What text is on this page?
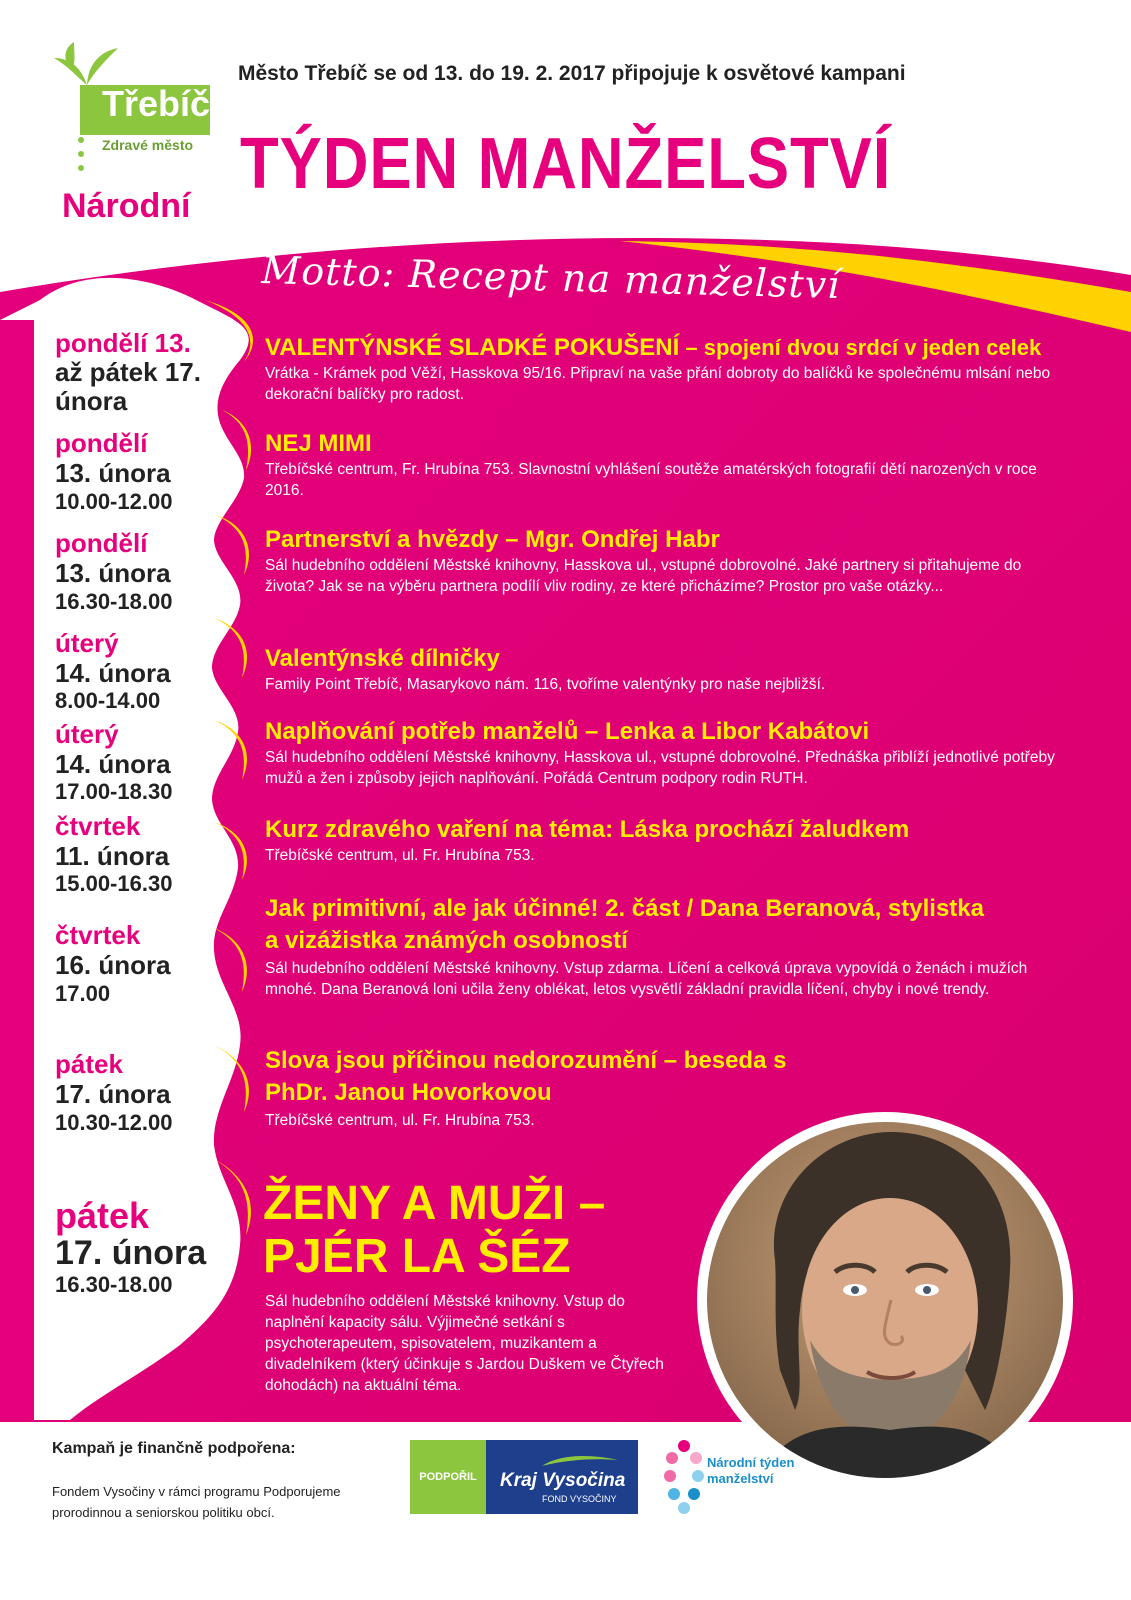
Třebíč
Zdravé město
Národní
Město Třebíč se od 13. do 19. 2. 2017 připojuje k osvětové kampani
TÝDEN MANŽELSTVÍ
Motto: Recept na manželství
pondělí 13.
až pátek 17.
února
pondělí
13. února
10.00-12.00
pondělí
13. února
16.30-18.00
úterý
14. února
8.00-14.00
úterý
14. února
17.00-18.30
čtvrtek
11. února
15.00-16.30
čtvrtek
16. února
17.00
pátek
17. února
10.30-12.00
pátek
17. února
16.30-18.00
VALENTÝNSKÉ SLADKÉ POKUŠENÍ – spojení dvou srdcí v jeden celek
Vrátka - Krámek pod Věží, Hasskova 95/16. Připraví na vaše přání dobroty do balíčků ke společnému mlsání nebo dekorační balíčky pro radost.
NEJ MIMI
Třebíčské centrum, Fr. Hrubína 753. Slavnostní vyhlášení soutěže amatérských fotografií dětí narozených v roce 2016.
Partnerství a hvězdy – Mgr. Ondřej Habr
Sál hudebního oddělení Městské knihovny, Hasskova ul., vstupné dobrovolné. Jaké partnery si přitahujeme do života? Jak se na výběru partnera podílí vliv rodiny, ze které přicházíme? Prostor pro vaše otázky...
Valentýnské dílničky
Family Point Třebíč, Masarykovo nám. 116, tvoříme valentýnky pro naše nejbližší.
Naplňování potřeb manželů – Lenka a Libor Kabátovi
Sál hudebního oddělení Městské knihovny, Hasskova ul., vstupné dobrovolné. Přednáška přiblíží jednotlivé potřeby mužů a žen i způsoby jejich naplňování. Pořádá Centrum podpory rodin RUTH.
Kurz zdravého vaření na téma: Láska prochází žaludkem
Třebíčské centrum, ul. Fr. Hrubína 753.
Jak primitivní, ale jak účinné! 2. část / Dana Beranová, stylistka a vizážistka známých osobností
Sál hudebního oddělení Městské knihovny. Vstup zdarma. Líčení a celková úprava vypovídá o ženách i mužích mnohé. Dana Beranová loni učila ženy oblékat, letos vysvětlí základní pravidla líčení, chyby i nové trendy.
Slova jsou příčinou nedorozumění – beseda s PhDr. Janou Hovorkovou
Třebíčské centrum, ul. Fr. Hrubína 753.
ŽENY A MUŽI – PJÉR LA ŠÉZ
Sál hudebního oddělení Městské knihovny. Vstup do naplnění kapacity sálu. Výjimečné setkání s psychoterapeutem, spisovatelem, muzikantem a divadelníkem (který účinkuje s Jardou Duškem ve Čtyřech dohodách) na aktuální téma.
Kampaň je finančně podpořena:
Fondem Vysočiny v rámci programu Podporujeme prorodinnou a seniorskou politiku obcí.
PODPOŘIL	Kraj Vysočina
FOND VYSOČINY
Národní týden manželství
